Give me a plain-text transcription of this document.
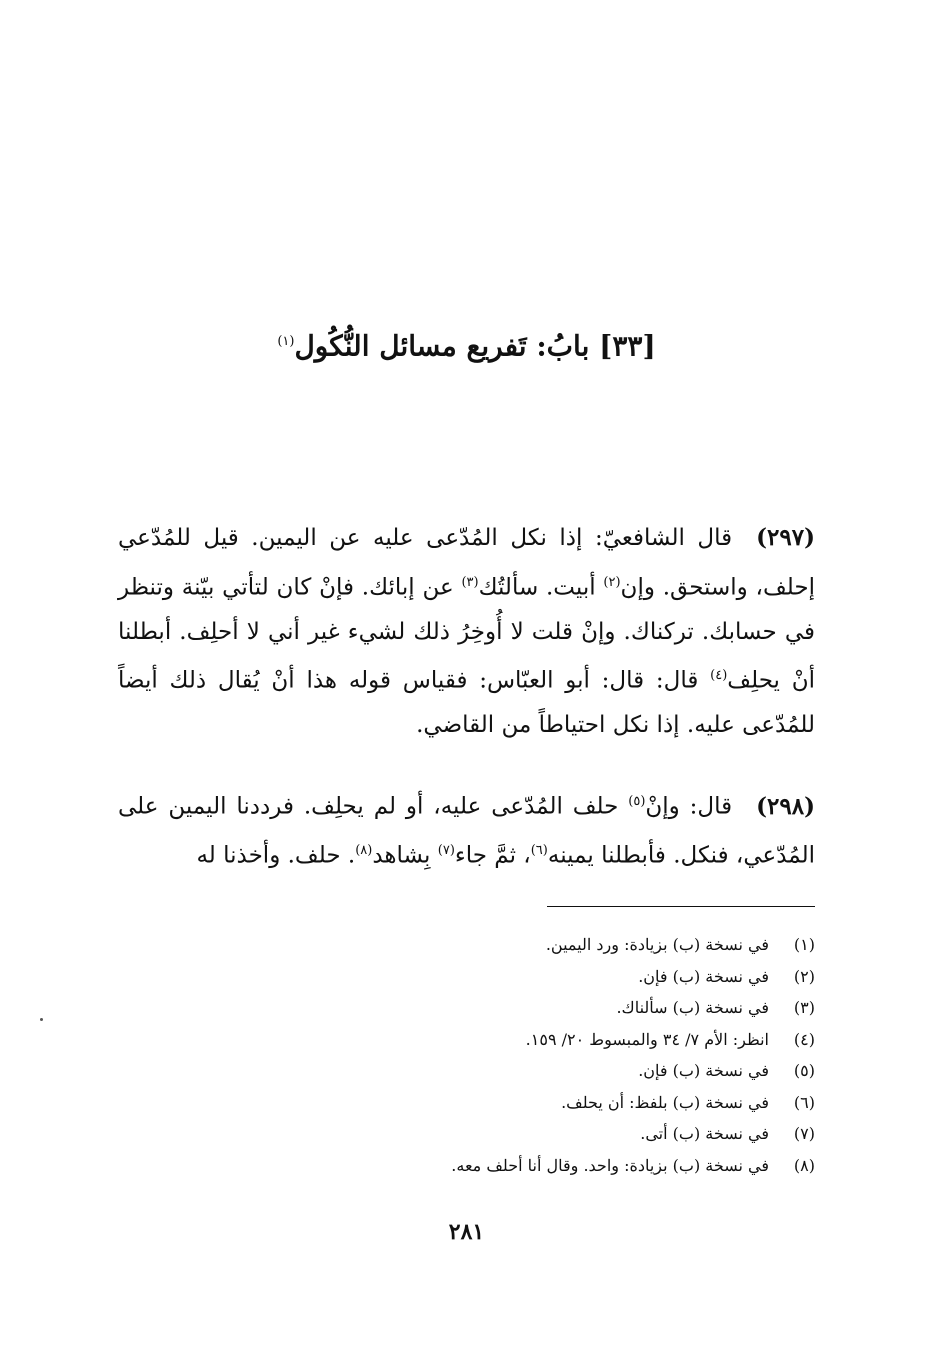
[٣٣] بابُ: تَفريع مسائل النُّكُول$^{(١)}$
(٢٩٧)قال الشافعيّ: إذا نكل المُدّعى عليه عن اليمين. قيل للمُدّعي إحلف، واستحق. وإن$^{(٢)}$ أبيت. سألتُك$^{(٣)}$ عن إبائك. فإنْ كان لتأتي بيّنة وتنظر في حسابك. تركناك. وإنْ قلت لا أُوخِرُ ذلك لشيء غير أني لا أحلِف. أبطلنا أنْ يحلِف$^{(٤)}$ قال: قال: أبو العبّاس: فقياس قوله هذا أنْ يُقال ذلك أيضاً للمُدّعى عليه. إذا نكل احتياطاً من القاضي.
(٢٩٨)قال: وإنْ$^{(٥)}$ حلف المُدّعى عليه، أو لم يحلِف. فرددنا اليمين على المُدّعي، فنكل. فأبطلنا يمينه$^{(٦)}$، ثمَّ جاء$^{(٧)}$ بِشاهد$^{(٨)}$. حلف. وأخذنا له
(١)في نسخة (ب) بزيادة: ورد اليمين.
(٢)في نسخة (ب) فإن.
(٣)في نسخة (ب) سألناك.
(٤)انظر: الأم ٧/ ٣٤ والمبسوط ٢٠/ ١٥٩.
(٥)في نسخة (ب) فإن.
(٦)في نسخة (ب) بلفظ: أن يحلف.
(٧)في نسخة (ب) أتى.
(٨)في نسخة (ب) بزيادة: واحد. وقال أنا أحلف معه.
٢٨١
